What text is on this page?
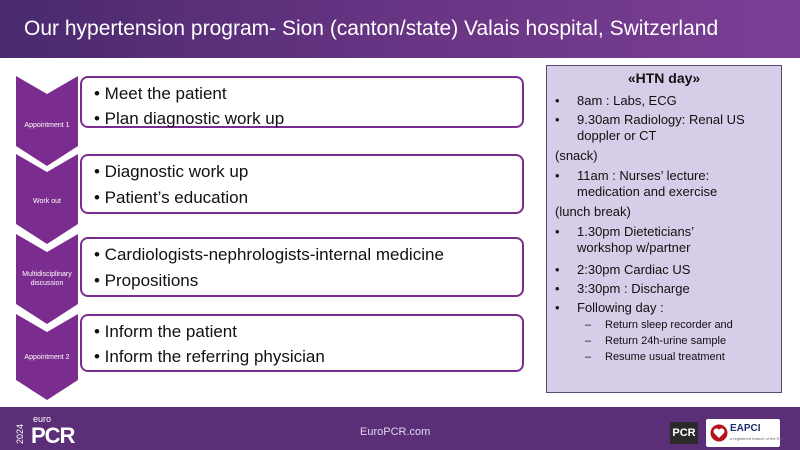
Our hypertension program- Sion (canton/state) Valais hospital, Switzerland
Appointment 1
• Meet the patient
• Plan diagnostic work up
Work out
• Diagnostic work up
• Patient’s education
Multidisciplinary
discussion
• Cardiologists-nephrologists-internal medicine
• Propositions
Appointment 2
• Inform the patient
• Inform the referring physician
«HTN day»
• 8am : Labs, ECG
• 9.30am Radiology: Renal US
doppler or CT
(snack)
• 11am : Nurses’ lecture:
medication and exercise
(lunch break)
• 1.30pm Dieteticians’
workshop w/partner
• 2:30pm Cardiac US
• 3:30pm : Discharge
• Following day :
– Return sleep recorder and
– Return 24h-urine sample
– Resume usual treatment
2024
euro
PCR	EuroPCR.com	PCR	EAPCI
a registered branch of the ESC
